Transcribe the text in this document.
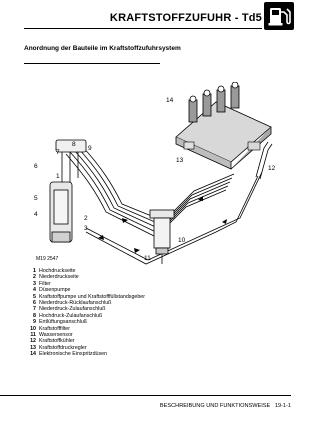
KRAFTSTOFFZUFUHR - Td5
Anordnung der Bauteile im Kraftstoffzufuhrsystem
1
2
3
4
5
6
7
8
9
10
11
12
13
14
M19 2547
1 Hochdruckseite
2 Niederdruckseite
3 Filter
4 Düsenpumpe
5 Kraftstoffpumpe und Kraftstofffüllstandsgeber
6 Niederdruck-Rücklaufanschluß
7 Niederdruck-Zulaufanschluß
8 Hochdruck-Zulaufanschluß
9 Entlüftungsanschluß
10 Kraftstofffilter
11 Wassersensor
12 Kraftstoffkühler
13 Kraftstoffdruckregler
14 Elektronische Einspritzdüsen
BESCHREIBUNG UND FUNKTIONSWEISE 19-1-1
